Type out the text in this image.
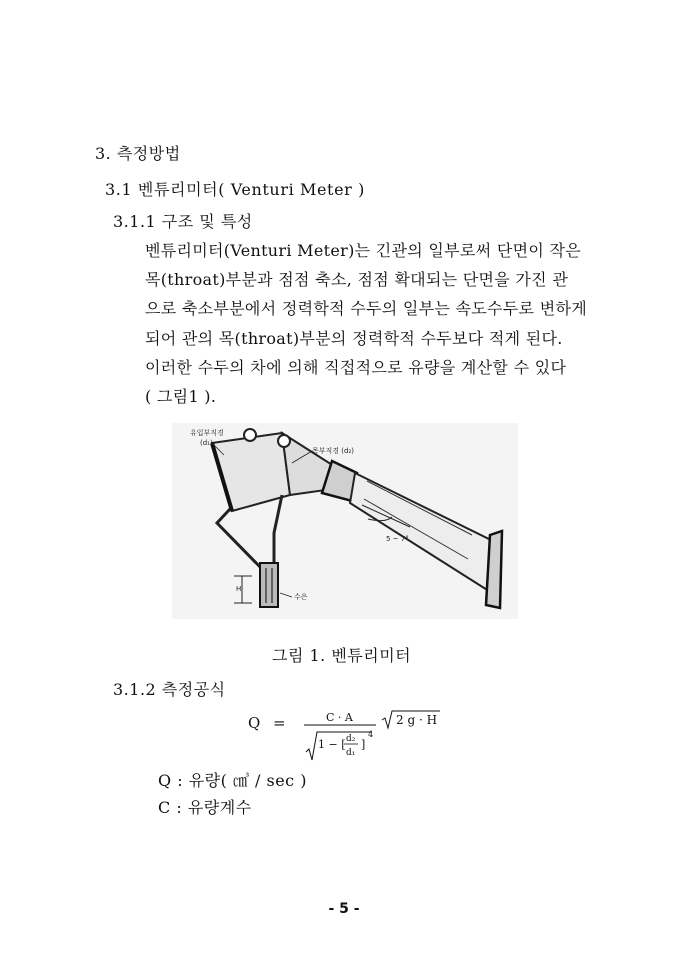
3. 측정방법
3.1 벤튜리미터( Venturi Meter )
3.1.1 구조 및 특성
벤튜리미터(Venturi Meter)는 긴관의 일부로써 단면이 작은
목(throat)부분과 점점 축소, 점점 확대되는 단면을 가진 관
으로 축소부분에서 정력학적 수두의 일부는 속도수두로 변하게
되어 관의 목(throat)부분의 정력학적 수두보다 적게 된다.
이러한 수두의 차에 의해 직접적으로 유량을 계산할 수 있다
( 그림1 ).
유입부직경
(d₁)
목부직경 (d₂)
5 ~ 7°
H
수은
그림 1. 벤튜리미터
3.1.2 측정공식
Q =	C · A
1 − [ d₂
d₁
]
4
2 g · H
Q : 유량( ㎤ / sec )
C : 유량계수
- 5 -
